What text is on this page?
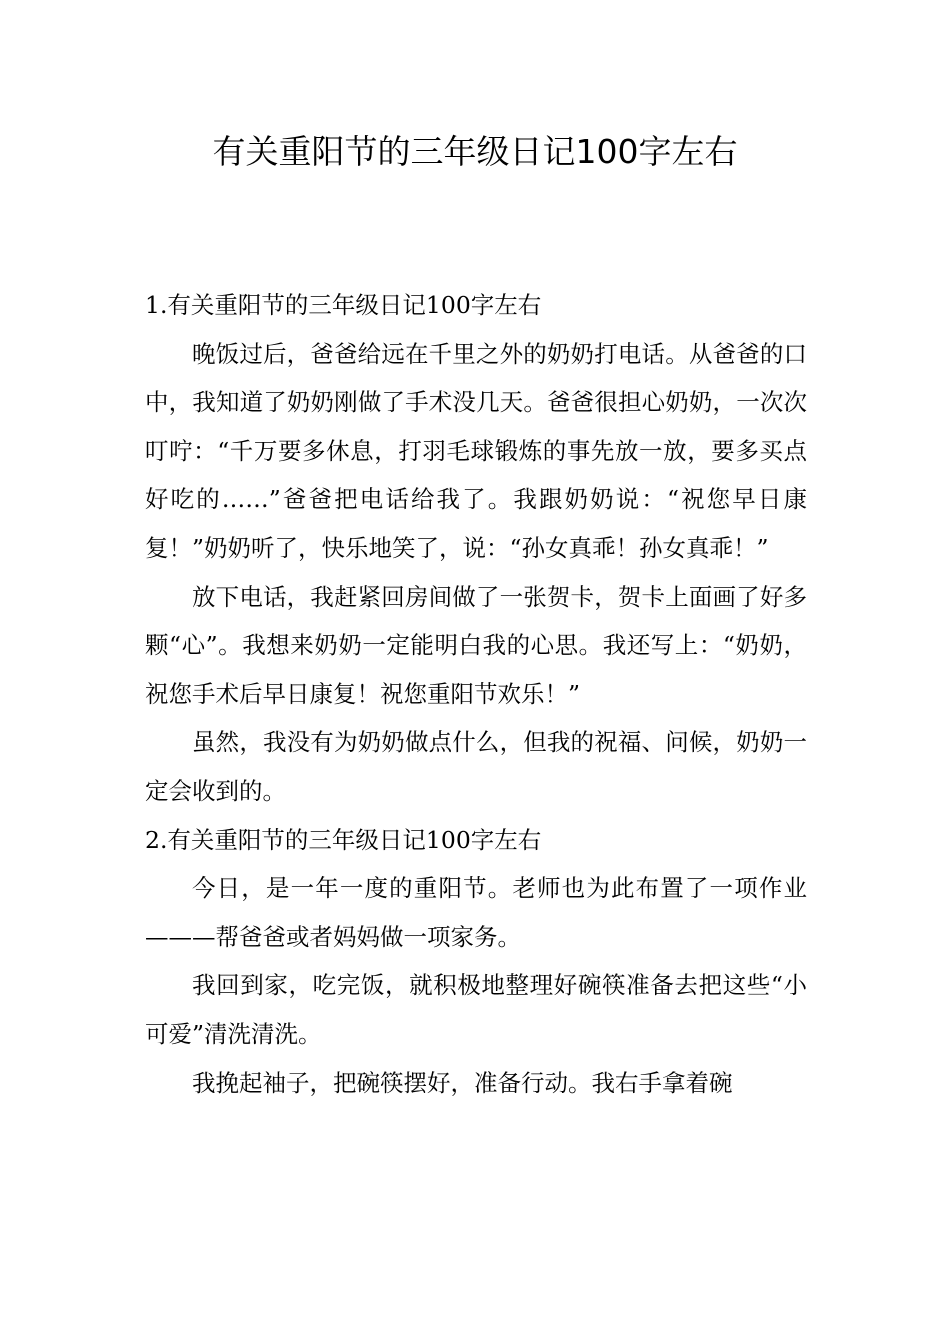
有关重阳节的三年级日记100字左右
1.有关重阳节的三年级日记100字左右

晚饭过后，爸爸给远在千里之外的奶奶打电话。从爸爸的口中，我知道了奶奶刚做了手术没几天。爸爸很担心奶奶，一次次叮咛：“千万要多休息，打羽毛球锻炼的事先放一放，要多买点好吃的……”爸爸把电话给我了。我跟奶奶说：“祝您早日康复！”奶奶听了，快乐地笑了，说：“孙女真乖！孙女真乖！”

放下电话，我赶紧回房间做了一张贺卡，贺卡上面画了好多颗“心”。我想来奶奶一定能明白我的心思。我还写上：“奶奶，祝您手术后早日康复！祝您重阳节欢乐！”

虽然，我没有为奶奶做点什么，但我的祝福、问候，奶奶一定会收到的。

2.有关重阳节的三年级日记100字左右

今日，是一年一度的重阳节。老师也为此布置了一项作业———帮爸爸或者妈妈做一项家务。

我回到家，吃完饭，就积极地整理好碗筷准备去把这些“小可爱”清洗清洗。

我挽起袖子，把碗筷摆好，准备行动。我右手拿着碗
